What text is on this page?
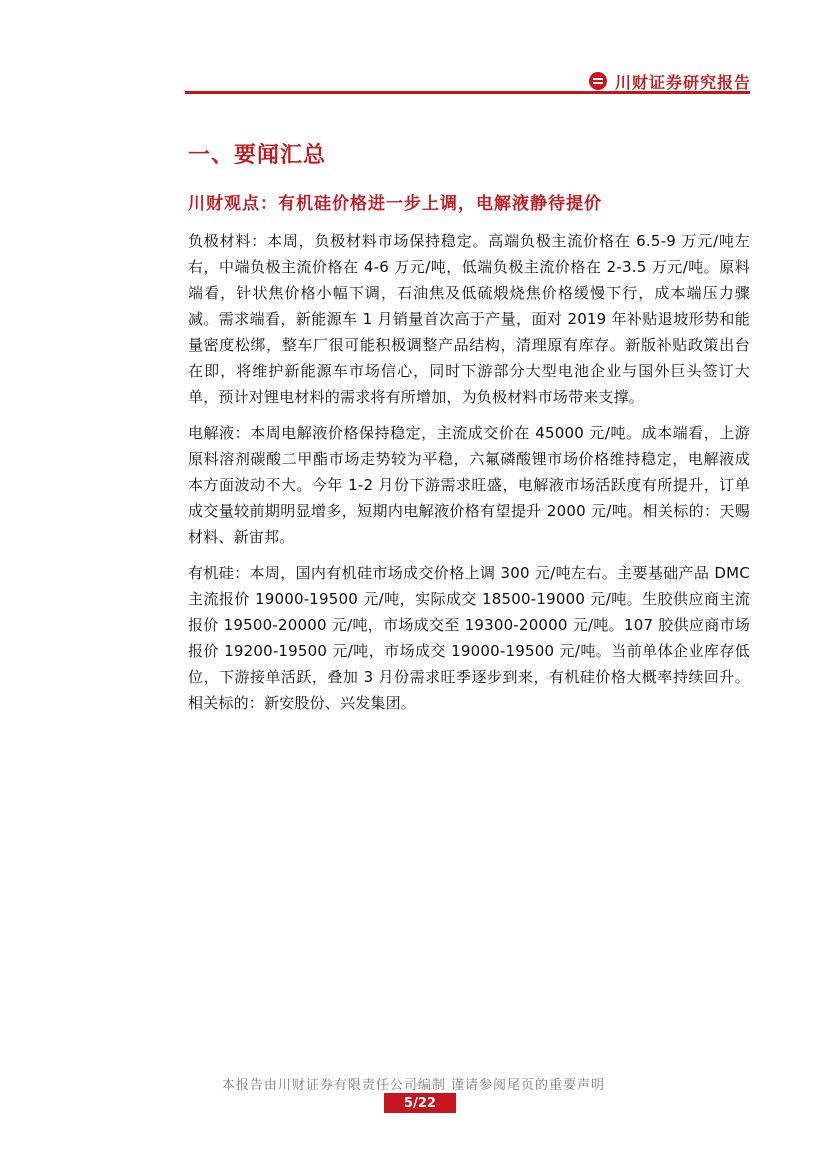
川财证券研究报告
一、要闻汇总
川财观点：有机硅价格进一步上调，电解液静待提价

负极材料：本周，负极材料市场保持稳定。高端负极主流价格在 6.5-9 万元/吨左右，中端负极主流价格在 4-6 万元/吨，低端负极主流价格在 2-3.5 万元/吨。原料端看，针状焦价格小幅下调，石油焦及低硫煅烧焦价格缓慢下行，成本端压力骤减。需求端看，新能源车 1 月销量首次高于产量，面对 2019 年补贴退坡形势和能量密度松绑，整车厂很可能积极调整产品结构，清理原有库存。新版补贴政策出台在即，将维护新能源车市场信心，同时下游部分大型电池企业与国外巨头签订大单，预计对锂电材料的需求将有所增加，为负极材料市场带来支撑。

电解液：本周电解液价格保持稳定，主流成交价在 45000 元/吨。成本端看，上游原料溶剂碳酸二甲酯市场走势较为平稳，六氟磷酸锂市场价格维持稳定，电解液成本方面波动不大。今年 1-2 月份下游需求旺盛，电解液市场活跃度有所提升，订单成交量较前期明显增多，短期内电解液价格有望提升 2000 元/吨。相关标的：天赐材料、新宙邦。

有机硅：本周，国内有机硅市场成交价格上调 300 元/吨左右。主要基础产品 DMC 主流报价 19000-19500 元/吨，实际成交 18500-19000 元/吨。生胶供应商主流报价 19500-20000 元/吨，市场成交至 19300-20000 元/吨。107 胶供应商市场报价 19200-19500 元/吨，市场成交 19000-19500 元/吨。当前单体企业库存低位，下游接单活跃，叠加 3 月份需求旺季逐步到来，有机硅价格大概率持续回升。相关标的：新安股份、兴发集团。

本报告由川财证券有限责任公司编制 谨请参阅尾页的重要声明
5/22
